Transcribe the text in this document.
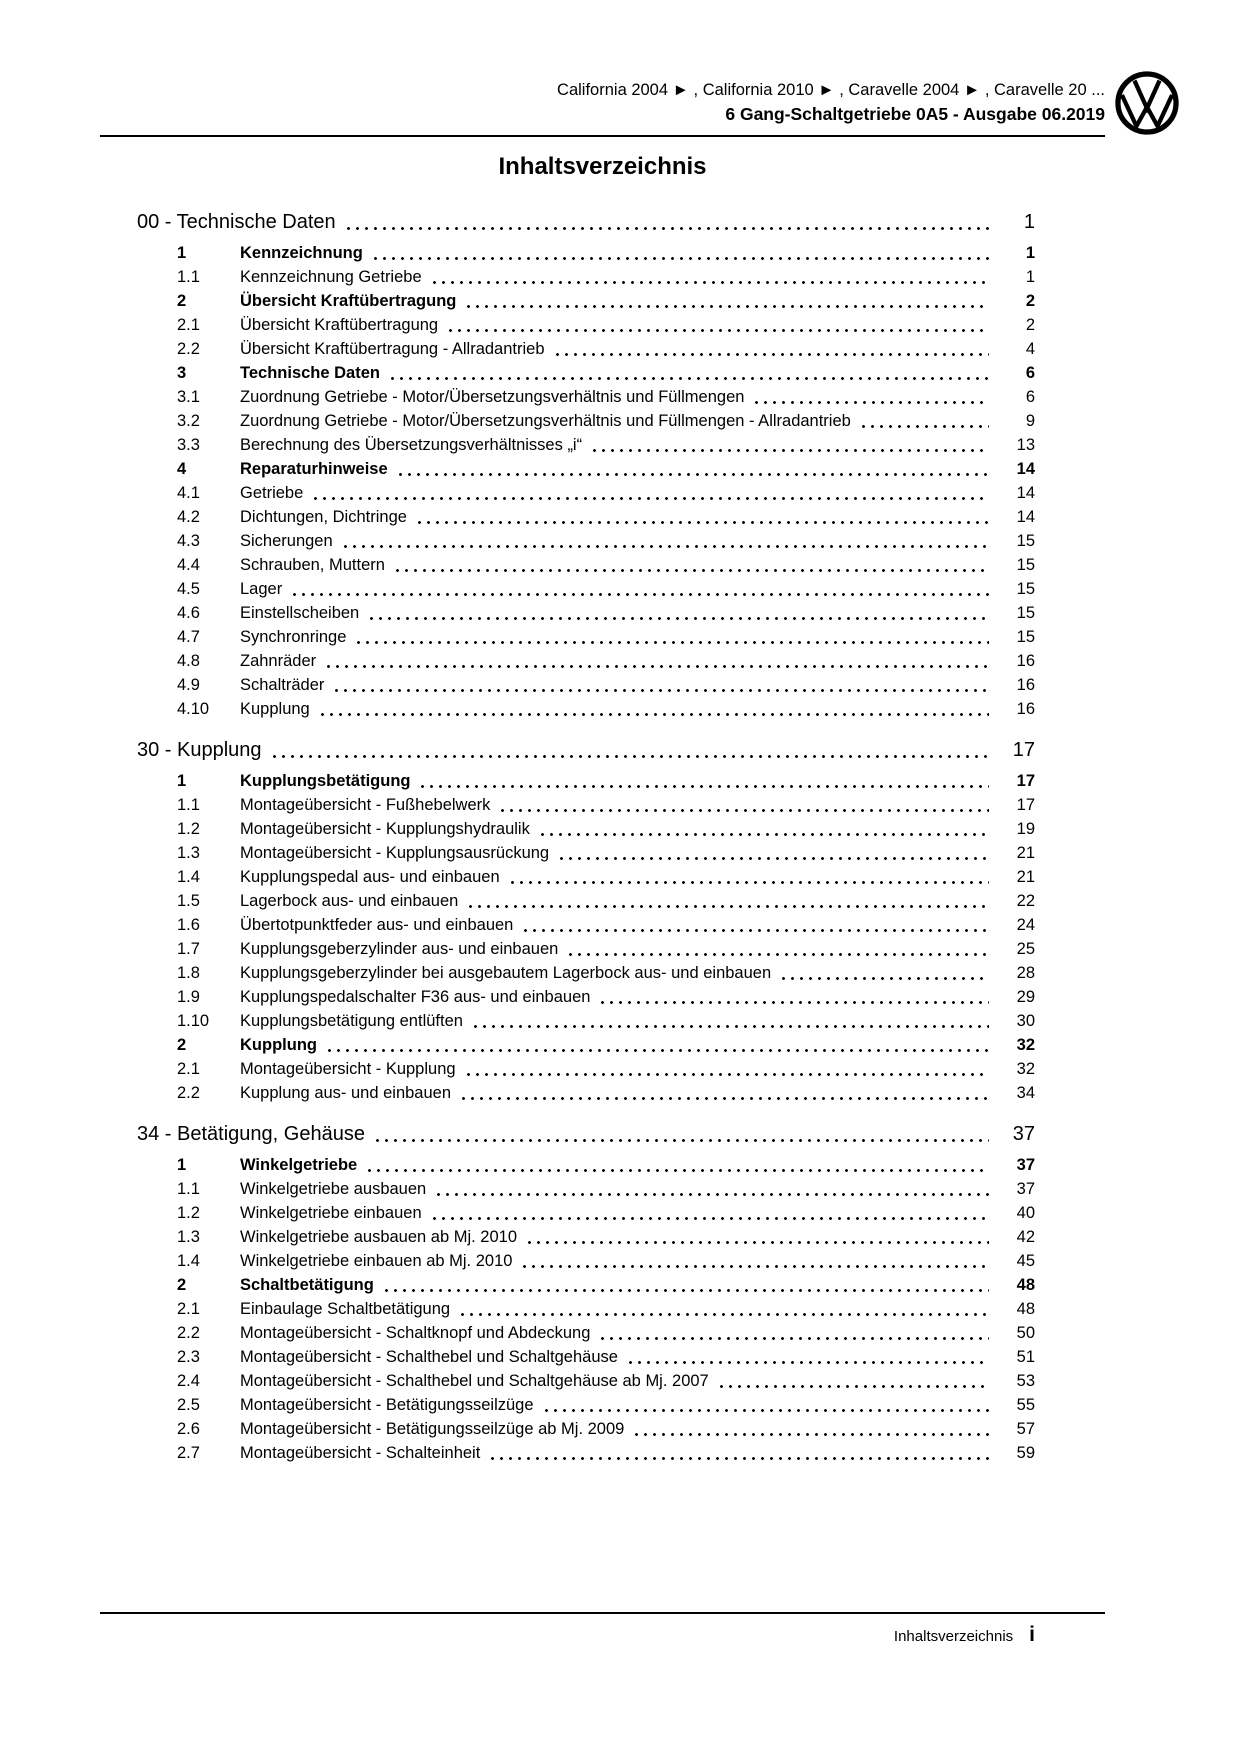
California 2004 ► , California 2010 ► , Caravelle 2004 ► , Caravelle 20 ...
6 Gang-Schaltgetriebe 0A5 - Ausgabe 06.2019
Inhaltsverzeichnis
00 - Technische Daten	1
1	Kennzeichnung	1
1.1	Kennzeichnung Getriebe	1
2	Übersicht Kraftübertragung	2
2.1	Übersicht Kraftübertragung	2
2.2	Übersicht Kraftübertragung - Allradantrieb	4
3	Technische Daten	6
3.1	Zuordnung Getriebe - Motor/Übersetzungsverhältnis und Füllmengen	6
3.2	Zuordnung Getriebe - Motor/Übersetzungsverhältnis und Füllmengen - Allradantrieb	9
3.3	Berechnung des Übersetzungsverhältnisses „i“	13
4	Reparaturhinweise	14
4.1	Getriebe	14
4.2	Dichtungen, Dichtringe	14
4.3	Sicherungen	15
4.4	Schrauben, Muttern	15
4.5	Lager	15
4.6	Einstellscheiben	15
4.7	Synchronringe	15
4.8	Zahnräder	16
4.9	Schalträder	16
4.10	Kupplung	16
30 - Kupplung	17
1	Kupplungsbetätigung	17
1.1	Montageübersicht - Fußhebelwerk	17
1.2	Montageübersicht - Kupplungshydraulik	19
1.3	Montageübersicht - Kupplungsausrückung	21
1.4	Kupplungspedal aus- und einbauen	21
1.5	Lagerbock aus- und einbauen	22
1.6	Übertotpunktfeder aus- und einbauen	24
1.7	Kupplungsgeberzylinder aus- und einbauen	25
1.8	Kupplungsgeberzylinder bei ausgebautem Lagerbock aus- und einbauen	28
1.9	Kupplungspedalschalter F36 aus- und einbauen	29
1.10	Kupplungsbetätigung entlüften	30
2	Kupplung	32
2.1	Montageübersicht - Kupplung	32
2.2	Kupplung aus- und einbauen	34
34 - Betätigung, Gehäuse	37
1	Winkelgetriebe	37
1.1	Winkelgetriebe ausbauen	37
1.2	Winkelgetriebe einbauen	40
1.3	Winkelgetriebe ausbauen ab Mj. 2010	42
1.4	Winkelgetriebe einbauen ab Mj. 2010	45
2	Schaltbetätigung	48
2.1	Einbaulage Schaltbetätigung	48
2.2	Montageübersicht - Schaltknopf und Abdeckung	50
2.3	Montageübersicht - Schalthebel und Schaltgehäuse	51
2.4	Montageübersicht - Schalthebel und Schaltgehäuse ab Mj. 2007	53
2.5	Montageübersicht - Betätigungsseilzüge	55
2.6	Montageübersicht - Betätigungsseilzüge ab Mj. 2009	57
2.7	Montageübersicht - Schalteinheit	59
Inhaltsverzeichnis i
